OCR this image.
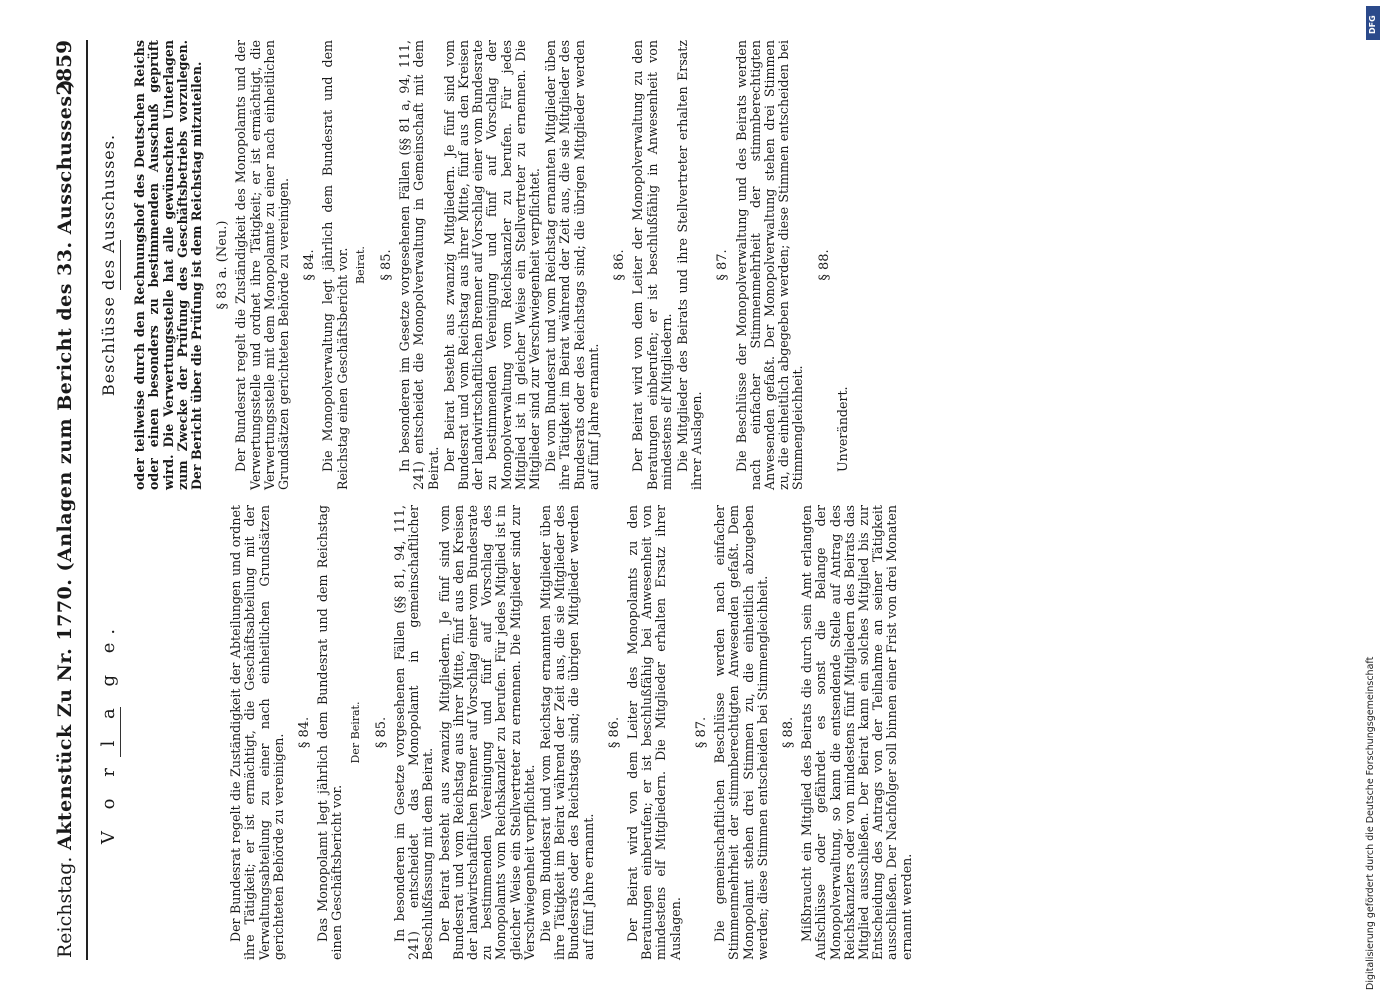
Reichstag.
Aktenstück Zu Nr. 1770. (Anlagen zum Bericht des 33. Ausschusses.)
2859
V o r l a g e.	Der Bundesrat regelt die Zuständigkeit der Abteilungen und ordnet ihre Tätigkeit; er ist ermächtigt, die Geschäftsabteilung mit der Verwaltungsabteilung zu einer nach einheitlichen Grundsätzen gerichteten Behörde zu vereinigen.

§ 84. Das Monopolamt legt jährlich dem Bundesrat und dem Reichstag einen Geschäftsbericht vor.

Der Beirat. § 85. In besonderen im Gesetze vorgesehenen Fällen (§§ 81, 94, 111, 241) entscheidet das Monopolamt in gemeinschaftlicher Beschlußfassung mit dem Beirat. Der Beirat besteht aus zwanzig Mitgliedern. Je fünf sind vom Bundesrat und vom Reichstag aus ihrer Mitte, fünf aus den Kreisen der landwirtschaftlichen Brenner auf Vorschlag einer vom Bundesrate zu bestimmenden Vereinigung und fünf auf Vorschlag des Monopolamts vom Reichskanzler zu berufen. Für jedes Mitglied ist in gleicher Weise ein Stellvertreter zu ernennen. Die Mitglieder sind zur Verschwiegenheit verpflichtet. Die vom Bundesrat und vom Reichstag ernannten Mitglieder üben ihre Tätigkeit im Beirat während der Zeit aus, die sie Mitglieder des Bundesrats oder des Reichstags sind; die übrigen Mitglieder werden auf fünf Jahre ernannt.

§ 86. Der Beirat wird von dem Leiter des Monopolamts zu den Beratungen einberufen; er ist beschlußfähig bei Anwesenheit von mindestens elf Mitgliedern. Die Mitglieder erhalten Ersatz ihrer Auslagen.

§ 87. Die gemeinschaftlichen Beschlüsse werden nach einfacher Stimmenmehrheit der stimmberechtigten Anwesenden gefaßt. Dem Monopolamt stehen drei Stimmen zu, die einheitlich abzugeben werden; diese Stimmen entscheiden bei Stimmengleichheit. § 88. Mißbraucht ein Mitglied des Beirats die durch sein Amt erlangten Aufschlüsse oder gefährdet es sonst die Belange der Monopolverwaltung, so kann die entsendende Stelle auf Antrag des Reichskanzlers oder von mindestens fünf Mitgliedern des Beirats das Mitglied ausschließen. Der Beirat kann ein solches Mitglied bis zur Entscheidung des Antrags von der Teilnahme an seiner Tätigkeit ausschließen. Der Nachfolger soll binnen einer Frist von drei Monaten ernannt werden.

Beschlüsse des Ausschusses. oder teilweise durch den Rechnungshof des Deutschen Reichs oder einen besonders zu bestimmenden Ausschuß geprüft wird. Die Verwertungsstelle hat alle gewünschten Unterlagen zum Zwecke der Prüfung des Geschäftsbetriebs vorzulegen. Der Bericht über die Prüfung ist dem Reichstag mitzuteilen. § 83 a. (Neu.) Der Bundesrat regelt die Zuständigkeit des Monopolamts und der Verwertungsstelle und ordnet ihre Tätigkeit; er ist ermächtigt, die Verwertungsstelle mit dem Monopolamte zu einer nach einheitlichen Grundsätzen gerichteten Behörde zu vereinigen. § 84. Die Monopolverwaltung legt jährlich dem Bundesrat und dem Reichstag einen Geschäftsbericht vor. Beirat. § 85. In besonderen im Gesetze vorgesehenen Fällen (§§ 81 a, 94, 111, 241) entscheidet die Monopolverwaltung in Gemeinschaft mit dem Beirat. Der Beirat besteht aus zwanzig Mitgliedern. Je fünf sind vom Bundesrat und vom Reichstag aus ihrer Mitte, fünf aus den Kreisen der landwirtschaftlichen Brenner auf Vorschlag einer vom Bundesrate zu bestimmenden Vereinigung und fünf auf Vorschlag der Monopolverwaltung vom Reichskanzler zu berufen. Für jedes Mitglied ist in gleicher Weise ein Stellvertreter zu ernennen. Die Mitglieder sind zur Verschwiegenheit verpflichtet. Die vom Bundesrat und vom Reichstag ernannten Mitglieder üben ihre Tätigkeit im Beirat während der Zeit aus, die sie Mitglieder des Bundesrats oder des Reichstags sind; die übrigen Mitglieder werden auf fünf Jahre ernannt.

§ 86. Der Beirat wird von dem Leiter der Monopolverwaltung zu den Beratungen einberufen; er ist beschlußfähig in Anwesenheit von mindestens elf Mitgliedern. Die Mitglieder des Beirats und ihre Stellvertreter erhalten Ersatz ihrer Auslagen.

§ 87. Die Beschlüsse der Monopolverwaltung und des Beirats werden nach einfacher Stimmenmehrheit der stimmberechtigten Anwesenden gefaßt. Der Monopolverwaltung stehen drei Stimmen zu, die einheitlich abgegeben werden; diese Stimmen entscheiden bei Stimmengleichheit.

§ 88.

Unverändert.

DFG
Digitalisierung gefördert durch die Deutsche Forschungsgemeinschaft
